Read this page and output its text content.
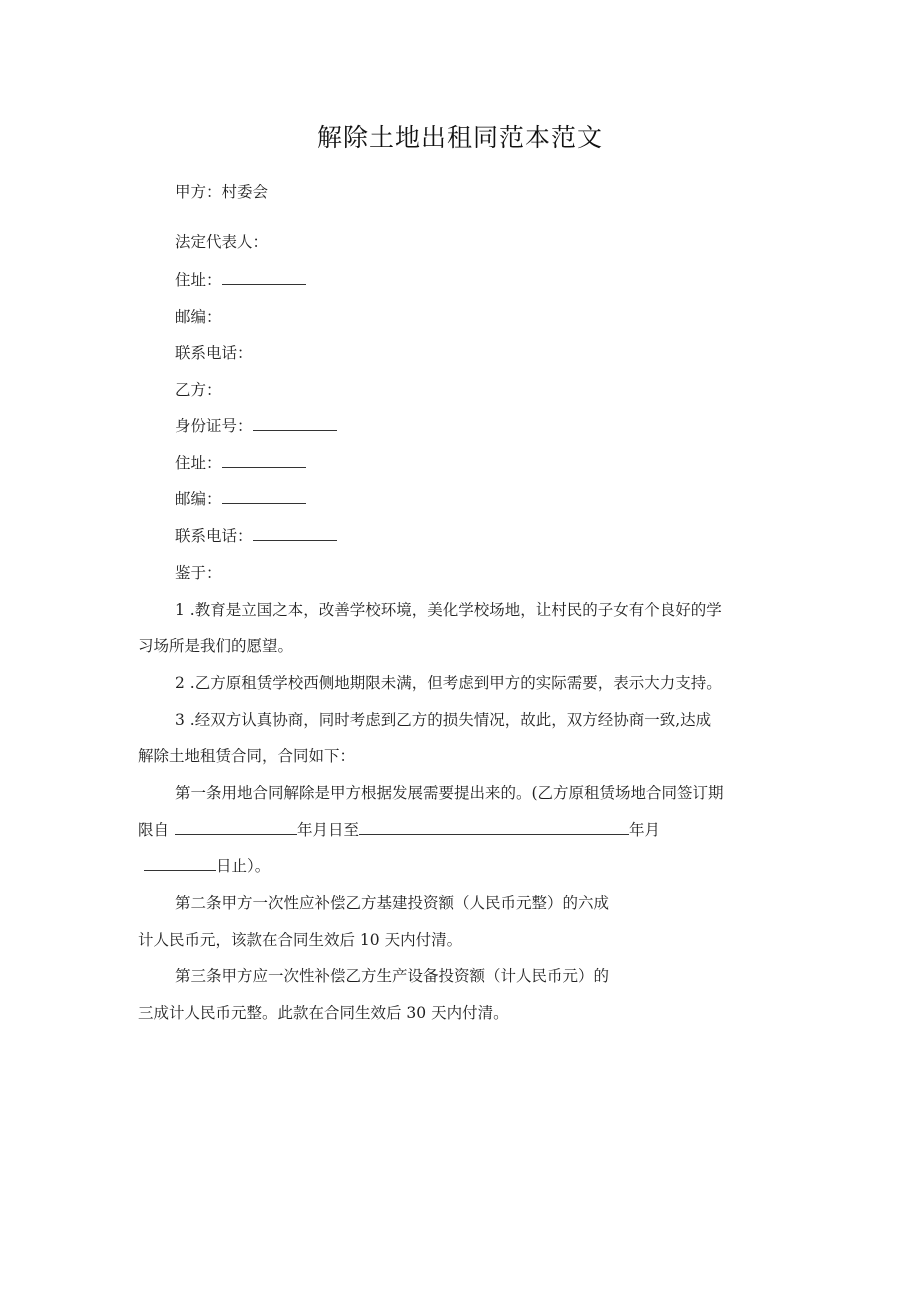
解除土地出租同范本范文
甲方：村委会
法定代表人：
住址：
邮编：
联系电话：
乙方：
身份证号：
住址：
邮编：
联系电话：
鉴于：
1 .教育是立国之本，改善学校环境，美化学校场地，让村民的子女有个良好的学
习场所是我们的愿望。
2 .乙方原租赁学校西侧地期限未满，但考虑到甲方的实际需要，表示大力支持。
3 .经双方认真协商，同时考虑到乙方的损失情况，故此，双方经协商一致,达成
解除土地租赁合同，合同如下：
第一条用地合同解除是甲方根据发展需要提出来的。(乙方原租赁场地合同签订期
限自	年月日至	年月
日止）。
第二条甲方一次性应补偿乙方基建投资额（人民币元整）的六成
计人民币元，该款在合同生效后 10 天内付清。
第三条甲方应一次性补偿乙方生产设备投资额（计人民币元）的
三成计人民币元整。此款在合同生效后 30 天内付清。
